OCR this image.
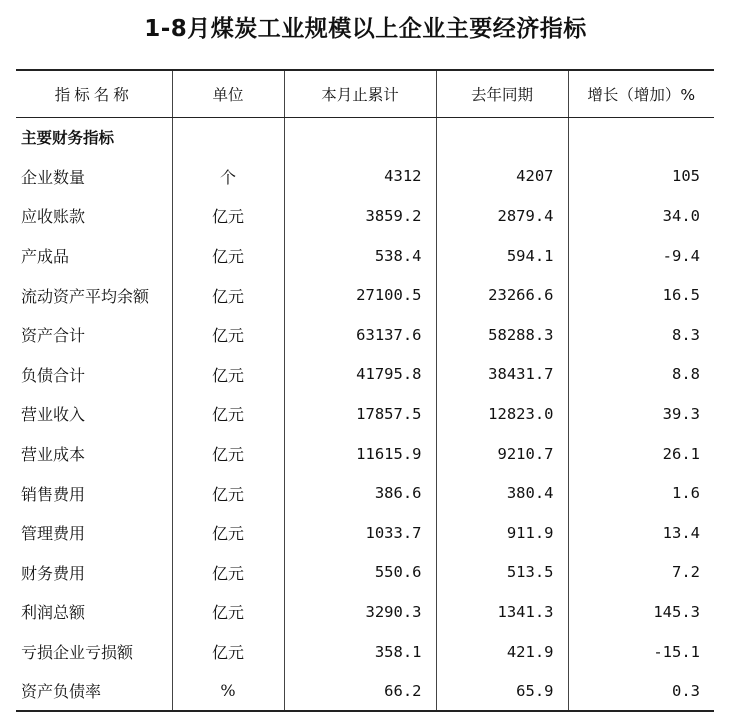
1-8月煤炭工业规模以上企业主要经济指标
指标名称	单位	本月止累计	去年同期	增长（增加）%
主要财务指标				
企业数量	个	4312	4207	105
应收账款	亿元	3859.2	2879.4	34.0
产成品	亿元	538.4	594.1	-9.4
流动资产平均余额	亿元	27100.5	23266.6	16.5
资产合计	亿元	63137.6	58288.3	8.3
负债合计	亿元	41795.8	38431.7	8.8
营业收入	亿元	17857.5	12823.0	39.3
营业成本	亿元	11615.9	9210.7	26.1
销售费用	亿元	386.6	380.4	1.6
管理费用	亿元	1033.7	911.9	13.4
财务费用	亿元	550.6	513.5	7.2
利润总额	亿元	3290.3	1341.3	145.3
亏损企业亏损额	亿元	358.1	421.9	-15.1
资产负债率	%	66.2	65.9	0.3
